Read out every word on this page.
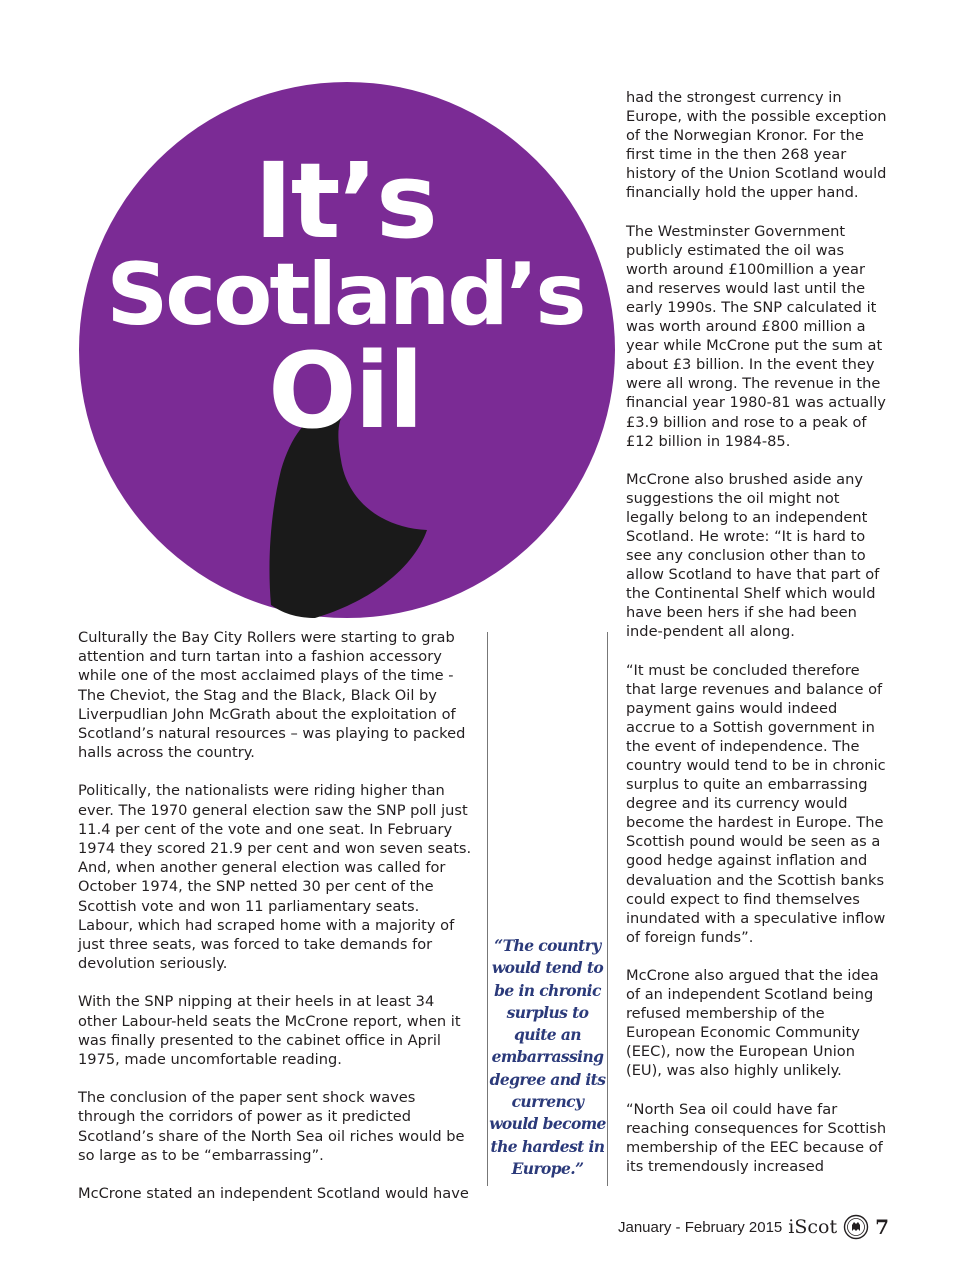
It’s
Scotland’s
Oil

had the strongest currency in Europe, with the possible exception of the Norwegian Kronor. For the first time in the then 268 year history of the Union Scotland would financially hold the upper hand.

The Westminster Government publicly estimated the oil was worth around £100million a year and reserves would last until the early 1990s. The SNP calculated it was worth around £800 million a year while McCrone put the sum at about £3 billion. In the event they were all wrong. The revenue in the financial year 1980-81 was actually £3.9 billion and rose to a peak of £12 billion in 1984-85.

McCrone also brushed aside any suggestions the oil might not legally belong to an independent Scotland. He wrote: “It is hard to see any conclusion other than to allow Scotland to have that part of the Continental Shelf which would have been hers if she had been inde-pendent all along.

“It must be concluded therefore that large revenues and balance of payment gains would indeed accrue to a Sottish government in the event of independence. The country would tend to be in chronic surplus to quite an embarrassing degree and its currency would become the hardest in Europe. The Scottish pound would be seen as a good hedge against inflation and devaluation and the Scottish banks could expect to find themselves inundated with a speculative inflow of foreign funds”.

McCrone also argued that the idea of an independent Scotland being refused membership of the European Economic Community (EEC), now the European Union (EU), was also highly unlikely.

“North Sea oil could have far reaching consequences for Scottish membership of the EEC because of its tremendously increased

Culturally the Bay City Rollers were starting to grab attention and turn tartan into a fashion accessory while one of the most acclaimed plays of the time - The Cheviot, the Stag and the Black, Black Oil by Liverpudlian John McGrath about the exploitation of Scotland’s natural resources – was playing to packed halls across the country.

Politically, the nationalists were riding higher than ever. The 1970 general election saw the SNP poll just 11.4 per cent of the vote and one seat. In February 1974 they scored 21.9 per cent and won seven seats. And, when another general election was called for October 1974, the SNP netted 30 per cent of the Scottish vote and won 11 parliamentary seats. Labour, which had scraped home with a majority of just three seats, was forced to take demands for devolution seriously.

With the SNP nipping at their heels in at least 34 other Labour-held seats the McCrone report, when it was finally presented to the cabinet office in April 1975, made uncomfortable reading.

The conclusion of the paper sent shock waves through the corridors of power as it predicted Scotland’s share of the North Sea oil riches would be so large as to be “embarrassing”.

McCrone stated an independent Scotland would have

“The country would tend to be in chronic surplus to quite an embarrassing degree and its currency would become the hardest in Europe.”
January - February 2015 iScot 7
